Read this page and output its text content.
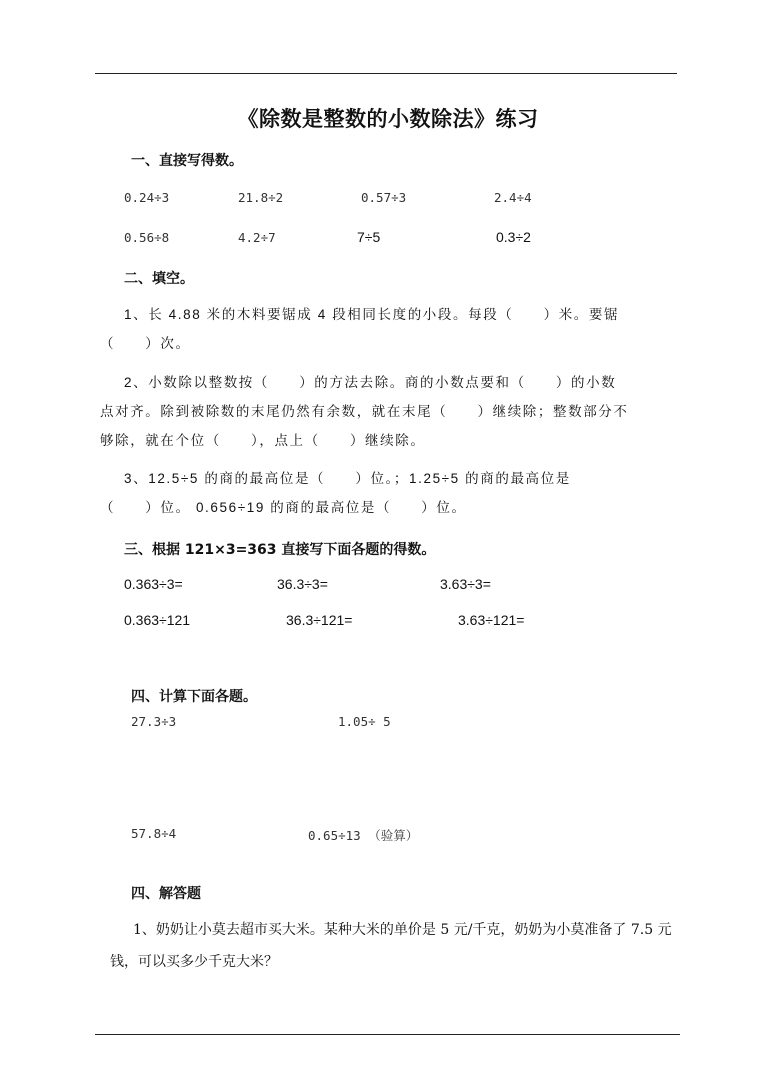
《除数是整数的小数除法》练习
一、直接写得数。
0.24÷3	21.8÷2	0.57÷3	2.4÷4
0.56÷8	4.2÷7	7÷5	0.3÷2
二、填空。
1、长 4.88 米的木料要锯成 4 段相同长度的小段。每段（　　）米。要锯
（　　）次。
2、小数除以整数按（　　）的方法去除。商的小数点要和（　　）的小数
点对齐。除到被除数的末尾仍然有余数，就在末尾（　　）继续除；整数部分不
够除，就在个位（　　），点上（　　）继续除。
3、12.5÷5 的商的最高位是（　　）位。；1.25÷5 的商的最高位是
（　　）位。 0.656÷19 的商的最高位是（　　）位。
三、根据 121×3=363 直接写下面各题的得数。
0.363÷3=	36.3÷3=	3.63÷3=
0.363÷121	36.3÷121=	3.63÷121=
四、计算下面各题。
27.3÷3	1.05÷ 5
57.8÷4	0.65÷13 （验算）
四、解答题
1、奶奶让小莫去超市买大米。某种大米的单价是 5 元/千克，奶奶为小莫准备了 7.5 元
钱，可以买多少千克大米？
